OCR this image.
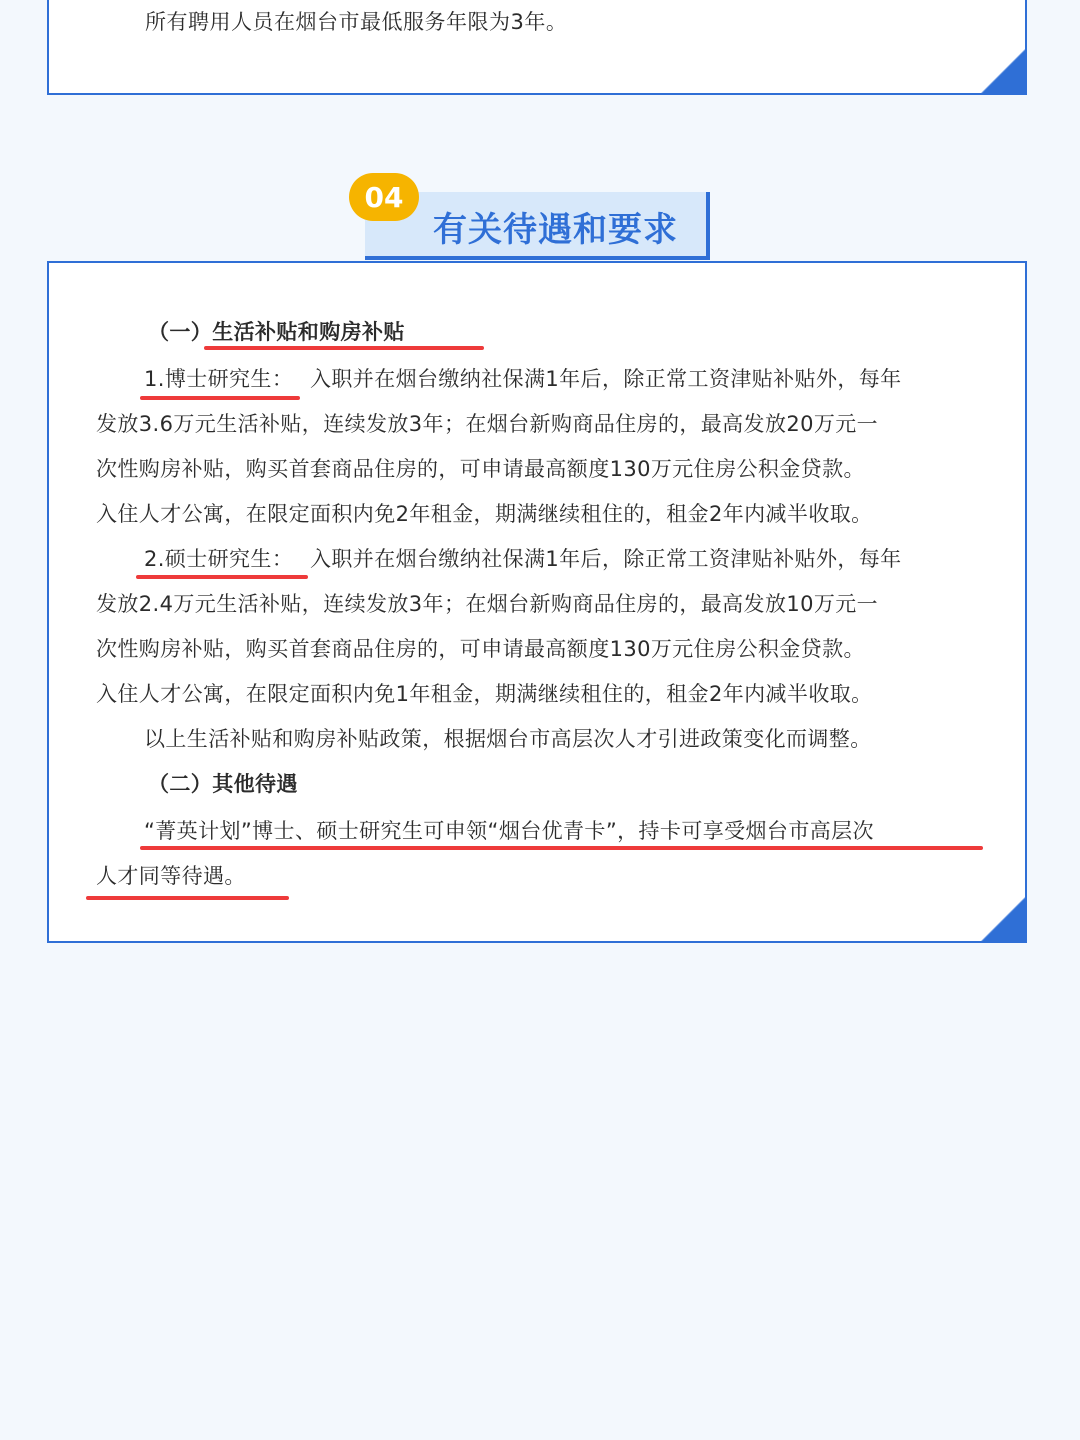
所有聘用人员在烟台市最低服务年限为3年。
有关待遇和要求
04
（一）生活补贴和购房补贴
1.博士研究生： 入职并在烟台缴纳社保满1年后，除正常工资津贴补贴外，每年
发放3.6万元生活补贴，连续发放3年；在烟台新购商品住房的，最高发放20万元一
次性购房补贴，购买首套商品住房的，可申请最高额度130万元住房公积金贷款。
入住人才公寓，在限定面积内免2年租金，期满继续租住的，租金2年内减半收取。
2.硕士研究生： 入职并在烟台缴纳社保满1年后，除正常工资津贴补贴外，每年
发放2.4万元生活补贴，连续发放3年；在烟台新购商品住房的，最高发放10万元一
次性购房补贴，购买首套商品住房的，可申请最高额度130万元住房公积金贷款。
入住人才公寓，在限定面积内免1年租金，期满继续租住的，租金2年内减半收取。
以上生活补贴和购房补贴政策，根据烟台市高层次人才引进政策变化而调整。
（二）其他待遇
“菁英计划”博士、硕士研究生可申领“烟台优青卡”，持卡可享受烟台市高层次
人才同等待遇。
